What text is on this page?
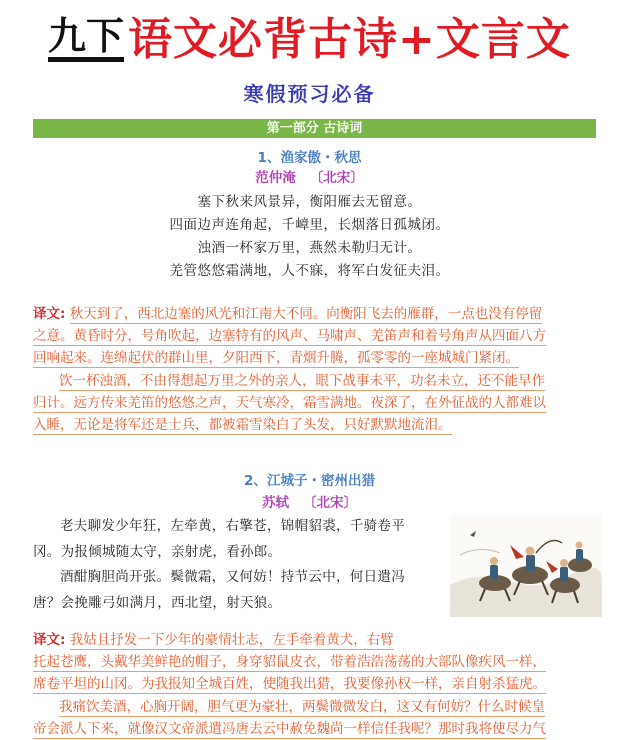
九下 语文必背古诗+文言文
寒假预习必备
第一部分 古诗词
1、渔家傲・秋思
范仲淹 〔北宋〕
塞下秋来风景异，衡阳雁去无留意。
四面边声连角起，千嶂里，长烟落日孤城闭。
浊酒一杯家万里，燕然未勒归无计。
羌管悠悠霜满地，人不寐，将军白发征夫泪。
译文: 秋天到了，西北边塞的风光和江南大不同。向衡阳飞去的雁群，一点也没有停留
之意。黄昏时分，号角吹起，边塞特有的风声、马啸声、羌笛声和着号角声从四面八方
回响起来。连绵起伏的群山里，夕阳西下，青烟升腾，孤零零的一座城城门紧闭。
饮一杯浊酒，不由得想起万里之外的亲人，眼下战事未平，功名未立，还不能早作
归计。远方传来羌笛的悠悠之声，天气寒冷，霜雪满地。夜深了，在外征战的人都难以
入睡，无论是将军还是士兵，都被霜雪染白了头发，只好默默地流泪。
2、江城子・密州出猎
苏轼 〔北宋〕
老夫聊发少年狂，左牵黄，右擎苍，锦帽貂裘，千骑卷平
冈。为报倾城随太守，亲射虎，看孙郎。
酒酣胸胆尚开张。鬓微霜，又何妨！持节云中，何日遣冯
唐？会挽雕弓如满月，西北望，射天狼。
译文: 我姑且抒发一下少年的豪情壮志，左手牵着黄犬，右臂
托起苍鹰，头戴华美鲜艳的帽子，身穿貂鼠皮衣，带着浩浩荡荡的大部队像疾风一样，
席卷平坦的山冈。为我报知全城百姓，使随我出猎，我要像孙权一样，亲自射杀猛虎。
我痛饮美酒，心胸开阔，胆气更为豪壮，两鬓微微发白，这又有何妨？什么时候皇
帝会派人下来，就像汉文帝派遣冯唐去云中赦免魏尚一样信任我呢？那时我将使尽力气
